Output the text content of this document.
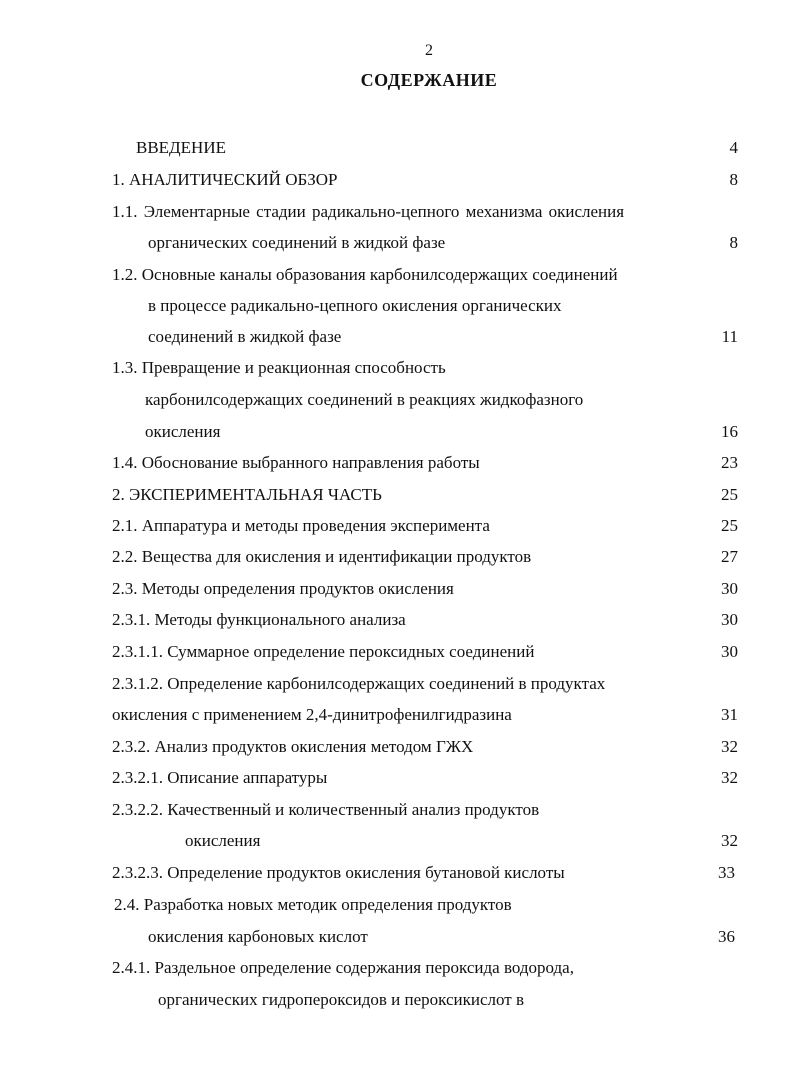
2
СОДЕРЖАНИЕ
ВВЕДЕНИЕ	4
1. АНАЛИТИЧЕСКИЙ ОБЗОР	8
1.1. Элементарные стадии радикально-цепного механизма окисления
органических соединений в жидкой фазе	8
1.2. Основные каналы образования карбонилсодержащих соединений
в процессе радикально-цепного окисления органических
соединений в жидкой фазе	11
1.3. Превращение и реакционная способность
карбонилсодержащих соединений в реакциях жидкофазного
окисления	16
1.4. Обоснование выбранного направления работы	23
2. ЭКСПЕРИМЕНТАЛЬНАЯ ЧАСТЬ	25
2.1. Аппаратура и методы проведения эксперимента	25
2.2. Вещества для окисления и идентификации продуктов	27
2.3. Методы определения продуктов окисления	30
2.3.1. Методы функционального анализа	30
2.3.1.1. Суммарное определение пероксидных соединений	30
2.3.1.2. Определение карбонилсодержащих соединений в продуктах
окисления с применением 2,4-динитрофенилгидразина	31
2.3.2. Анализ продуктов окисления методом ГЖХ	32
2.3.2.1. Описание аппаратуры	32
2.3.2.2. Качественный и количественный анализ продуктов
окисления	32
2.3.2.3. Определение продуктов окисления бутановой кислоты	33
2.4. Разработка новых методик определения продуктов
окисления карбоновых кислот	36
2.4.1. Раздельное определение содержания пероксида водорода,
органических гидропероксидов и пероксикислот в
